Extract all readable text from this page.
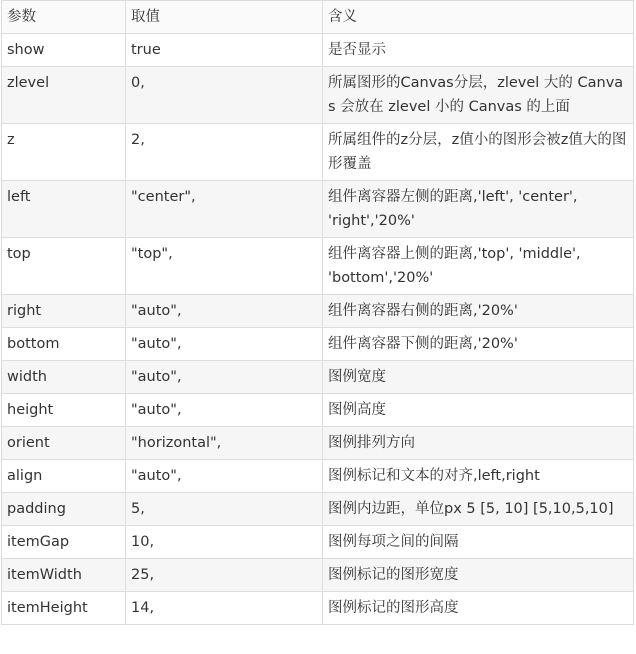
参数	取值	含义
show	true	是否显示
zlevel	0,	所属图形的Canvas分层，zlevel 大的 Canvas 会放在 zlevel 小的 Canvas 的上面
z	2,	所属组件的z分层，z值小的图形会被z值大的图形覆盖
left	"center",	组件离容器左侧的距离,'left', 'center', 'right','20%'
top	"top",	组件离容器上侧的距离,'top', 'middle', 'bottom','20%'
right	"auto",	组件离容器右侧的距离,'20%'
bottom	"auto",	组件离容器下侧的距离,'20%'
width	"auto",	图例宽度
height	"auto",	图例高度
orient	"horizontal",	图例排列方向
align	"auto",	图例标记和文本的对齐,left,right
padding	5,	图例内边距，单位px 5 [5, 10] [5,10,5,10]
itemGap	10,	图例每项之间的间隔
itemWidth	25,	图例标记的图形宽度
itemHeight	14,	图例标记的图形高度
